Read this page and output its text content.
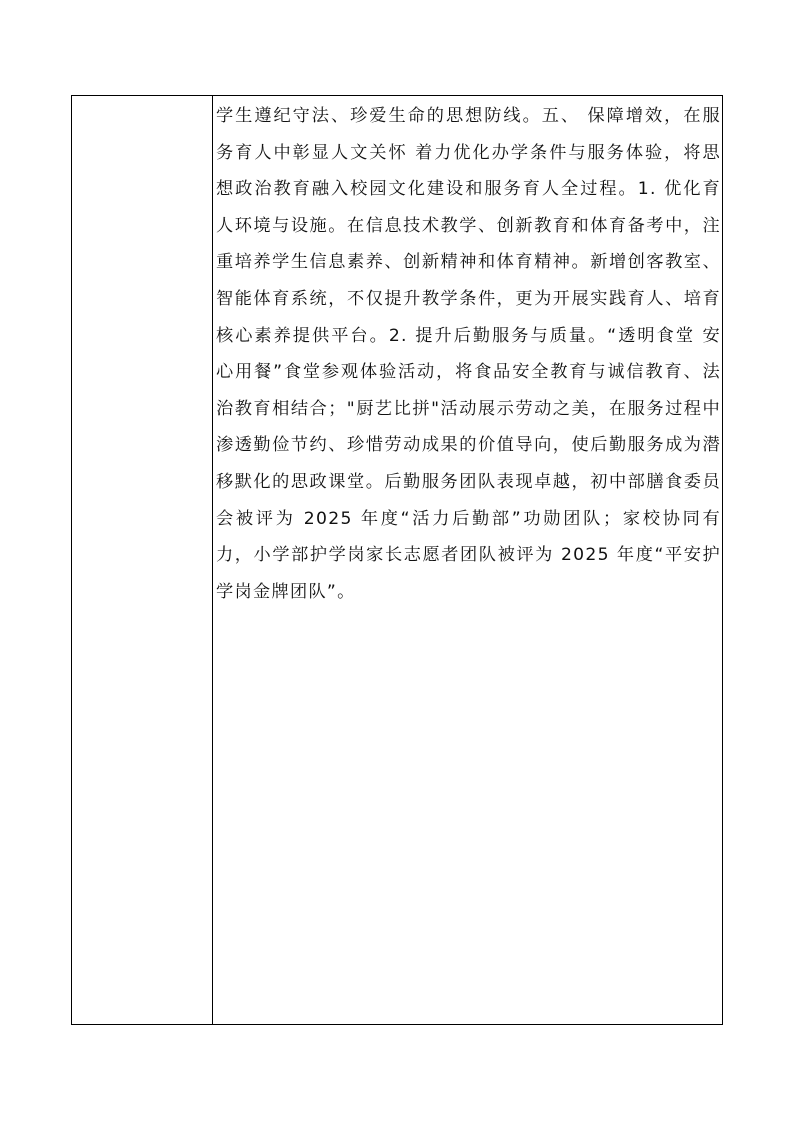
学生遵纪守法、珍爱生命的思想防线。五、 保障增效，在服
务育人中彰显人文关怀 着力优化办学条件与服务体验，将思
想政治教育融入校园文化建设和服务育人全过程。1. 优化育
人环境与设施。在信息技术教学、创新教育和体育备考中，注
重培养学生信息素养、创新精神和体育精神。新增创客教室、
智能体育系统，不仅提升教学条件，更为开展实践育人、培育
核心素养提供平台。2. 提升后勤服务与质量。“透明食堂 安
心用餐”食堂参观体验活动，将食品安全教育与诚信教育、法
治教育相结合；"厨艺比拼"活动展示劳动之美，在服务过程中
渗透勤俭节约、珍惜劳动成果的价值导向，使后勤服务成为潜
移默化的思政课堂。后勤服务团队表现卓越，初中部膳食委员
会被评为 2025 年度“活力后勤部”功勋团队；家校协同有
力，小学部护学岗家长志愿者团队被评为 2025 年度“平安护
学岗金牌团队”。
